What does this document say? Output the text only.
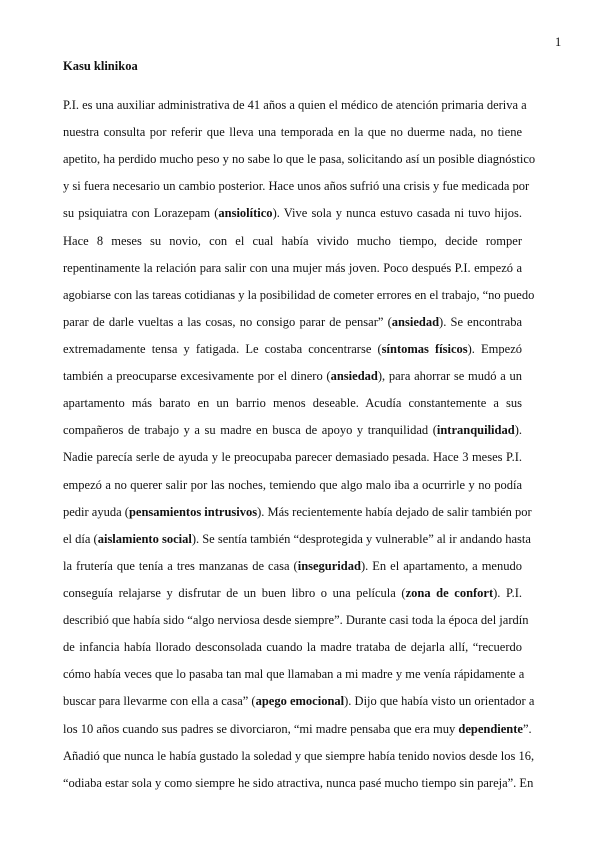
1
Kasu klinikoa
P.I. es una auxiliar administrativa de 41 años a quien el médico de atención primaria deriva a
nuestra consulta por referir que lleva una temporada en la que no duerme nada, no tiene
apetito, ha perdido mucho peso y no sabe lo que le pasa, solicitando así un posible diagnóstico
y si fuera necesario un cambio posterior. Hace unos años sufrió una crisis y fue medicada por
su psiquiatra con Lorazepam (ansiolítico). Vive sola y nunca estuvo casada ni tuvo hijos.
Hace 8 meses su novio, con el cual había vivido mucho tiempo, decide romper
repentinamente la relación para salir con una mujer más joven. Poco después P.I. empezó a
agobiarse con las tareas cotidianas y la posibilidad de cometer errores en el trabajo, “no puedo
parar de darle vueltas a las cosas, no consigo parar de pensar” (ansiedad). Se encontraba
extremadamente tensa y fatigada. Le costaba concentrarse (síntomas físicos). Empezó
también a preocuparse excesivamente por el dinero (ansiedad), para ahorrar se mudó a un
apartamento más barato en un barrio menos deseable. Acudía constantemente a sus
compañeros de trabajo y a su madre en busca de apoyo y tranquilidad (intranquilidad).
Nadie parecía serle de ayuda y le preocupaba parecer demasiado pesada. Hace 3 meses P.I.
empezó a no querer salir por las noches, temiendo que algo malo iba a ocurrirle y no podía
pedir ayuda (pensamientos intrusivos). Más recientemente había dejado de salir también por
el día (aislamiento social). Se sentía también “desprotegida y vulnerable” al ir andando hasta
la frutería que tenía a tres manzanas de casa (inseguridad). En el apartamento, a menudo
conseguía relajarse y disfrutar de un buen libro o una película (zona de confort). P.I.
describió que había sido “algo nerviosa desde siempre”. Durante casi toda la época del jardín
de infancia había llorado desconsolada cuando la madre trataba de dejarla allí, “recuerdo
cómo había veces que lo pasaba tan mal que llamaban a mi madre y me venía rápidamente a
buscar para llevarme con ella a casa” (apego emocional). Dijo que había visto un orientador a
los 10 años cuando sus padres se divorciaron, “mi madre pensaba que era muy dependiente”.
Añadió que nunca le había gustado la soledad y que siempre había tenido novios desde los 16,
“odiaba estar sola y como siempre he sido atractiva, nunca pasé mucho tiempo sin pareja”. En
